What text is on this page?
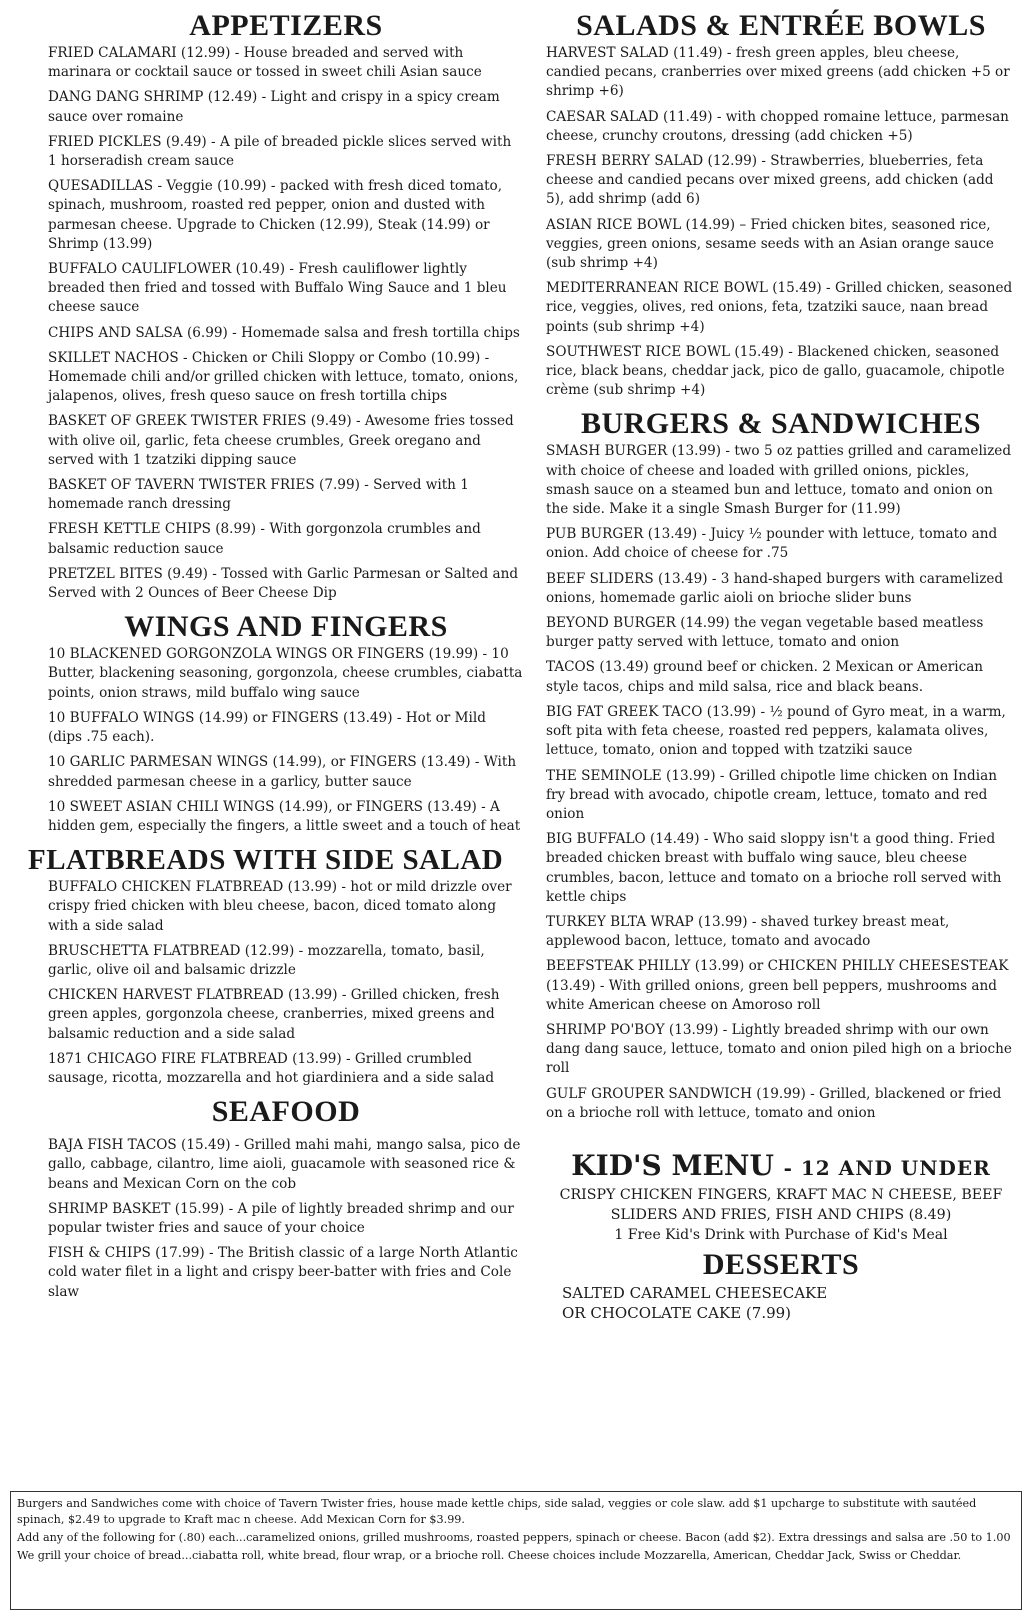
APPETIZERS

FRIED CALAMARI (12.99) - House breaded and served with marinara or cocktail sauce or tossed in sweet chili Asian sauce

DANG DANG SHRIMP (12.49) - Light and crispy in a spicy cream sauce over romaine

FRIED PICKLES (9.49) - A pile of breaded pickle slices served with 1 horseradish cream sauce

QUESADILLAS - Veggie (10.99) - packed with fresh diced tomato, spinach, mushroom, roasted red pepper, onion and dusted with parmesan cheese. Upgrade to Chicken (12.99), Steak (14.99) or Shrimp (13.99)

BUFFALO CAULIFLOWER (10.49) - Fresh cauliflower lightly breaded then fried and tossed with Buffalo Wing Sauce and 1 bleu cheese sauce

CHIPS AND SALSA (6.99) - Homemade salsa and fresh tortilla chips

SKILLET NACHOS - Chicken or Chili Sloppy or Combo (10.99) - Homemade chili and/or grilled chicken with lettuce, tomato, onions, jalapenos, olives, fresh queso sauce on fresh tortilla chips

BASKET OF GREEK TWISTER FRIES (9.49) - Awesome fries tossed with olive oil, garlic, feta cheese crumbles, Greek oregano and served with 1 tzatziki dipping sauce

BASKET OF TAVERN TWISTER FRIES (7.99) - Served with 1 homemade ranch dressing

FRESH KETTLE CHIPS (8.99) - With gorgonzola crumbles and balsamic reduction sauce

PRETZEL BITES (9.49) - Tossed with Garlic Parmesan or Salted and Served with 2 Ounces of Beer Cheese Dip

WINGS AND FINGERS

10 BLACKENED GORGONZOLA WINGS OR FINGERS (19.99) - 10 Butter, blackening seasoning, gorgonzola, cheese crumbles, ciabatta points, onion straws, mild buffalo wing sauce

10 BUFFALO WINGS (14.99) or FINGERS (13.49) - Hot or Mild (dips .75 each).

10 GARLIC PARMESAN WINGS (14.99), or FINGERS (13.49) - With shredded parmesan cheese in a garlicy, butter sauce

10 SWEET ASIAN CHILI WINGS (14.99), or FINGERS (13.49) - A hidden gem, especially the fingers, a little sweet and a touch of heat

FLATBREADS WITH SIDE SALAD

BUFFALO CHICKEN FLATBREAD (13.99) - hot or mild drizzle over crispy fried chicken with bleu cheese, bacon, diced tomato along with a side salad

BRUSCHETTA FLATBREAD (12.99) - mozzarella, tomato, basil, garlic, olive oil and balsamic drizzle

CHICKEN HARVEST FLATBREAD (13.99) - Grilled chicken, fresh green apples, gorgonzola cheese, cranberries, mixed greens and balsamic reduction and a side salad

1871 CHICAGO FIRE FLATBREAD (13.99) - Grilled crumbled sausage, ricotta, mozzarella and hot giardiniera and a side salad

SEAFOOD

BAJA FISH TACOS (15.49) - Grilled mahi mahi, mango salsa, pico de gallo, cabbage, cilantro, lime aioli, guacamole with seasoned rice & beans and Mexican Corn on the cob

SHRIMP BASKET (15.99) - A pile of lightly breaded shrimp and our popular twister fries and sauce of your choice

FISH & CHIPS (17.99) - The British classic of a large North Atlantic cold water filet in a light and crispy beer-batter with fries and Cole slaw

SALADS & ENTRÉE BOWLS

HARVEST SALAD (11.49) - fresh green apples, bleu cheese, candied pecans, cranberries over mixed greens (add chicken +5 or shrimp +6)

CAESAR SALAD (11.49) - with chopped romaine lettuce, parmesan cheese, crunchy croutons, dressing (add chicken +5)

FRESH BERRY SALAD (12.99) - Strawberries, blueberries, feta cheese and candied pecans over mixed greens, add chicken (add 5), add shrimp (add 6)

ASIAN RICE BOWL (14.99) – Fried chicken bites, seasoned rice, veggies, green onions, sesame seeds with an Asian orange sauce (sub shrimp +4)

MEDITERRANEAN RICE BOWL (15.49) - Grilled chicken, seasoned rice, veggies, olives, red onions, feta, tzatziki sauce, naan bread points (sub shrimp +4)

SOUTHWEST RICE BOWL (15.49) - Blackened chicken, seasoned rice, black beans, cheddar jack, pico de gallo, guacamole, chipotle crème (sub shrimp +4)

BURGERS & SANDWICHES

SMASH BURGER (13.99) - two 5 oz patties grilled and caramelized with choice of cheese and loaded with grilled onions, pickles, smash sauce on a steamed bun and lettuce, tomato and onion on the side. Make it a single Smash Burger for (11.99)

PUB BURGER (13.49) - Juicy ½ pounder with lettuce, tomato and onion. Add choice of cheese for .75

BEEF SLIDERS (13.49) - 3 hand-shaped burgers with caramelized onions, homemade garlic aioli on brioche slider buns

BEYOND BURGER (14.99) the vegan vegetable based meatless burger patty served with lettuce, tomato and onion

TACOS (13.49) ground beef or chicken. 2 Mexican or American style tacos, chips and mild salsa, rice and black beans.

BIG FAT GREEK TACO (13.99) - ½ pound of Gyro meat, in a warm, soft pita with feta cheese, roasted red peppers, kalamata olives, lettuce, tomato, onion and topped with tzatziki sauce

THE SEMINOLE (13.99) - Grilled chipotle lime chicken on Indian fry bread with avocado, chipotle cream, lettuce, tomato and red onion

BIG BUFFALO (14.49) - Who said sloppy isn't a good thing. Fried breaded chicken breast with buffalo wing sauce, bleu cheese crumbles, bacon, lettuce and tomato on a brioche roll served with kettle chips

TURKEY BLTA WRAP (13.99) - shaved turkey breast meat, applewood bacon, lettuce, tomato and avocado

BEEFSTEAK PHILLY (13.99) or CHICKEN PHILLY CHEESESTEAK (13.49) - With grilled onions, green bell peppers, mushrooms and white American cheese on Amoroso roll

SHRIMP PO'BOY (13.99) - Lightly breaded shrimp with our own dang dang sauce, lettuce, tomato and onion piled high on a brioche roll

GULF GROUPER SANDWICH (19.99) - Grilled, blackened or fried on a brioche roll with lettuce, tomato and onion

KID'S MENU - 12 AND UNDER
CRISPY CHICKEN FINGERS, KRAFT MAC N CHEESE, BEEF SLIDERS AND FRIES, FISH AND CHIPS (8.49)
1 Free Kid's Drink with Purchase of Kid's Meal
DESSERTS
SALTED CARAMEL CHEESECAKE
OR CHOCOLATE CAKE (7.99)

Burgers and Sandwiches come with choice of Tavern Twister fries, house made kettle chips, side salad, veggies or cole slaw. add $1 upcharge to substitute with sautéed spinach, $2.49 to upgrade to Kraft mac n cheese. Add Mexican Corn for $3.99.

Add any of the following for (.80) each...caramelized onions, grilled mushrooms, roasted peppers, spinach or cheese. Bacon (add $2). Extra dressings and salsa are .50 to 1.00

We grill your choice of bread...ciabatta roll, white bread, flour wrap, or a brioche roll. Cheese choices include Mozzarella, American, Cheddar Jack, Swiss or Cheddar.
